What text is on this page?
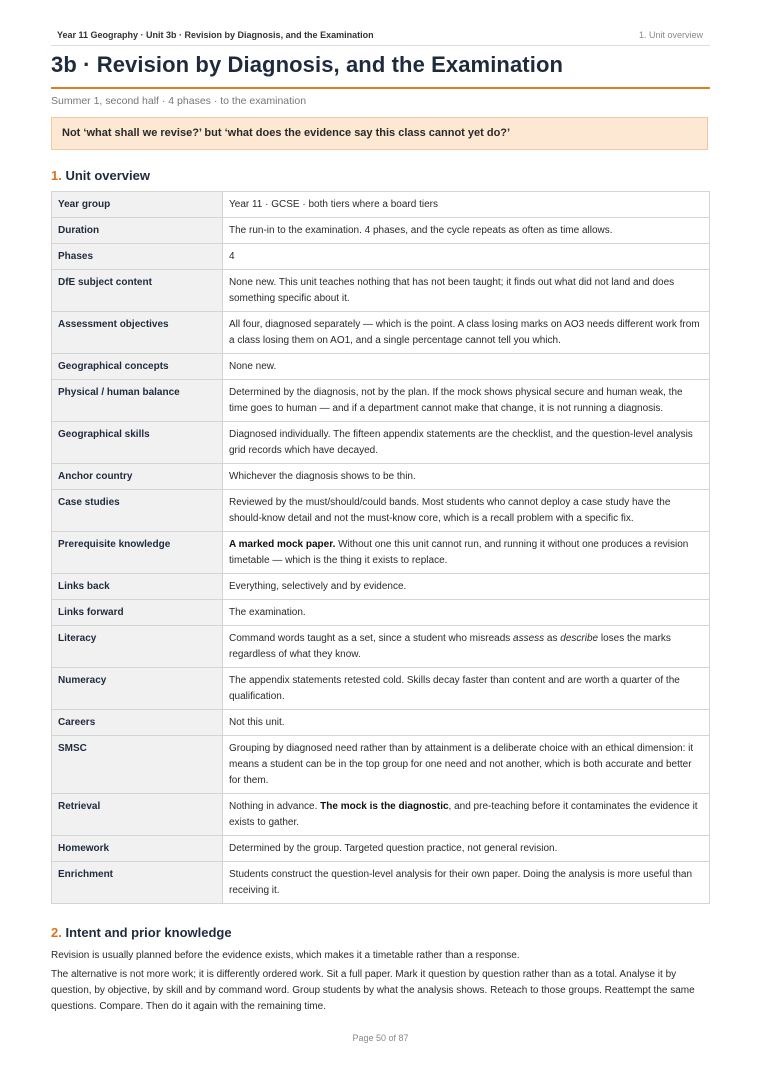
Year 11 Geography · Unit 3b · Revision by Diagnosis, and the Examination	1. Unit overview
3b · Revision by Diagnosis, and the Examination
Summer 1, second half · 4 phases · to the examination
Not ‘what shall we revise?’ but ‘what does the evidence say this class cannot yet do?’
1. Unit overview
Year group	Year 11 · GCSE · both tiers where a board tiers
Duration	The run-in to the examination. 4 phases, and the cycle repeats as often as time allows.
Phases	4
DfE subject content	None new. This unit teaches nothing that has not been taught; it finds out what did not land and does something specific about it.
Assessment objectives	All four, diagnosed separately — which is the point. A class losing marks on AO3 needs different work from a class losing them on AO1, and a single percentage cannot tell you which.
Geographical concepts	None new.
Physical / human balance	Determined by the diagnosis, not by the plan. If the mock shows physical secure and human weak, the time goes to human — and if a department cannot make that change, it is not running a diagnosis.
Geographical skills	Diagnosed individually. The fifteen appendix statements are the checklist, and the question-level analysis grid records which have decayed.
Anchor country	Whichever the diagnosis shows to be thin.
Case studies	Reviewed by the must/should/could bands. Most students who cannot deploy a case study have the should-know detail and not the must-know core, which is a recall problem with a specific fix.
Prerequisite knowledge	A marked mock paper. Without one this unit cannot run, and running it without one produces a revision timetable — which is the thing it exists to replace.
Links back	Everything, selectively and by evidence.
Links forward	The examination.
Literacy	Command words taught as a set, since a student who misreads assess as describe loses the marks regardless of what they know.
Numeracy	The appendix statements retested cold. Skills decay faster than content and are worth a quarter of the qualification.
Careers	Not this unit.
SMSC	Grouping by diagnosed need rather than by attainment is a deliberate choice with an ethical dimension: it means a student can be in the top group for one need and not another, which is both accurate and better for them.
Retrieval	Nothing in advance. The mock is the diagnostic, and pre-teaching before it contaminates the evidence it exists to gather.
Homework	Determined by the group. Targeted question practice, not general revision.
Enrichment	Students construct the question-level analysis for their own paper. Doing the analysis is more useful than receiving it.
2. Intent and prior knowledge

Revision is usually planned before the evidence exists, which makes it a timetable rather than a response.

The alternative is not more work; it is differently ordered work. Sit a full paper. Mark it question by question rather than as a total. Analyse it by question, by objective, by skill and by command word. Group students by what the analysis shows. Reteach to those groups. Reattempt the same questions. Compare. Then do it again with the remaining time.

Page 50 of 87
